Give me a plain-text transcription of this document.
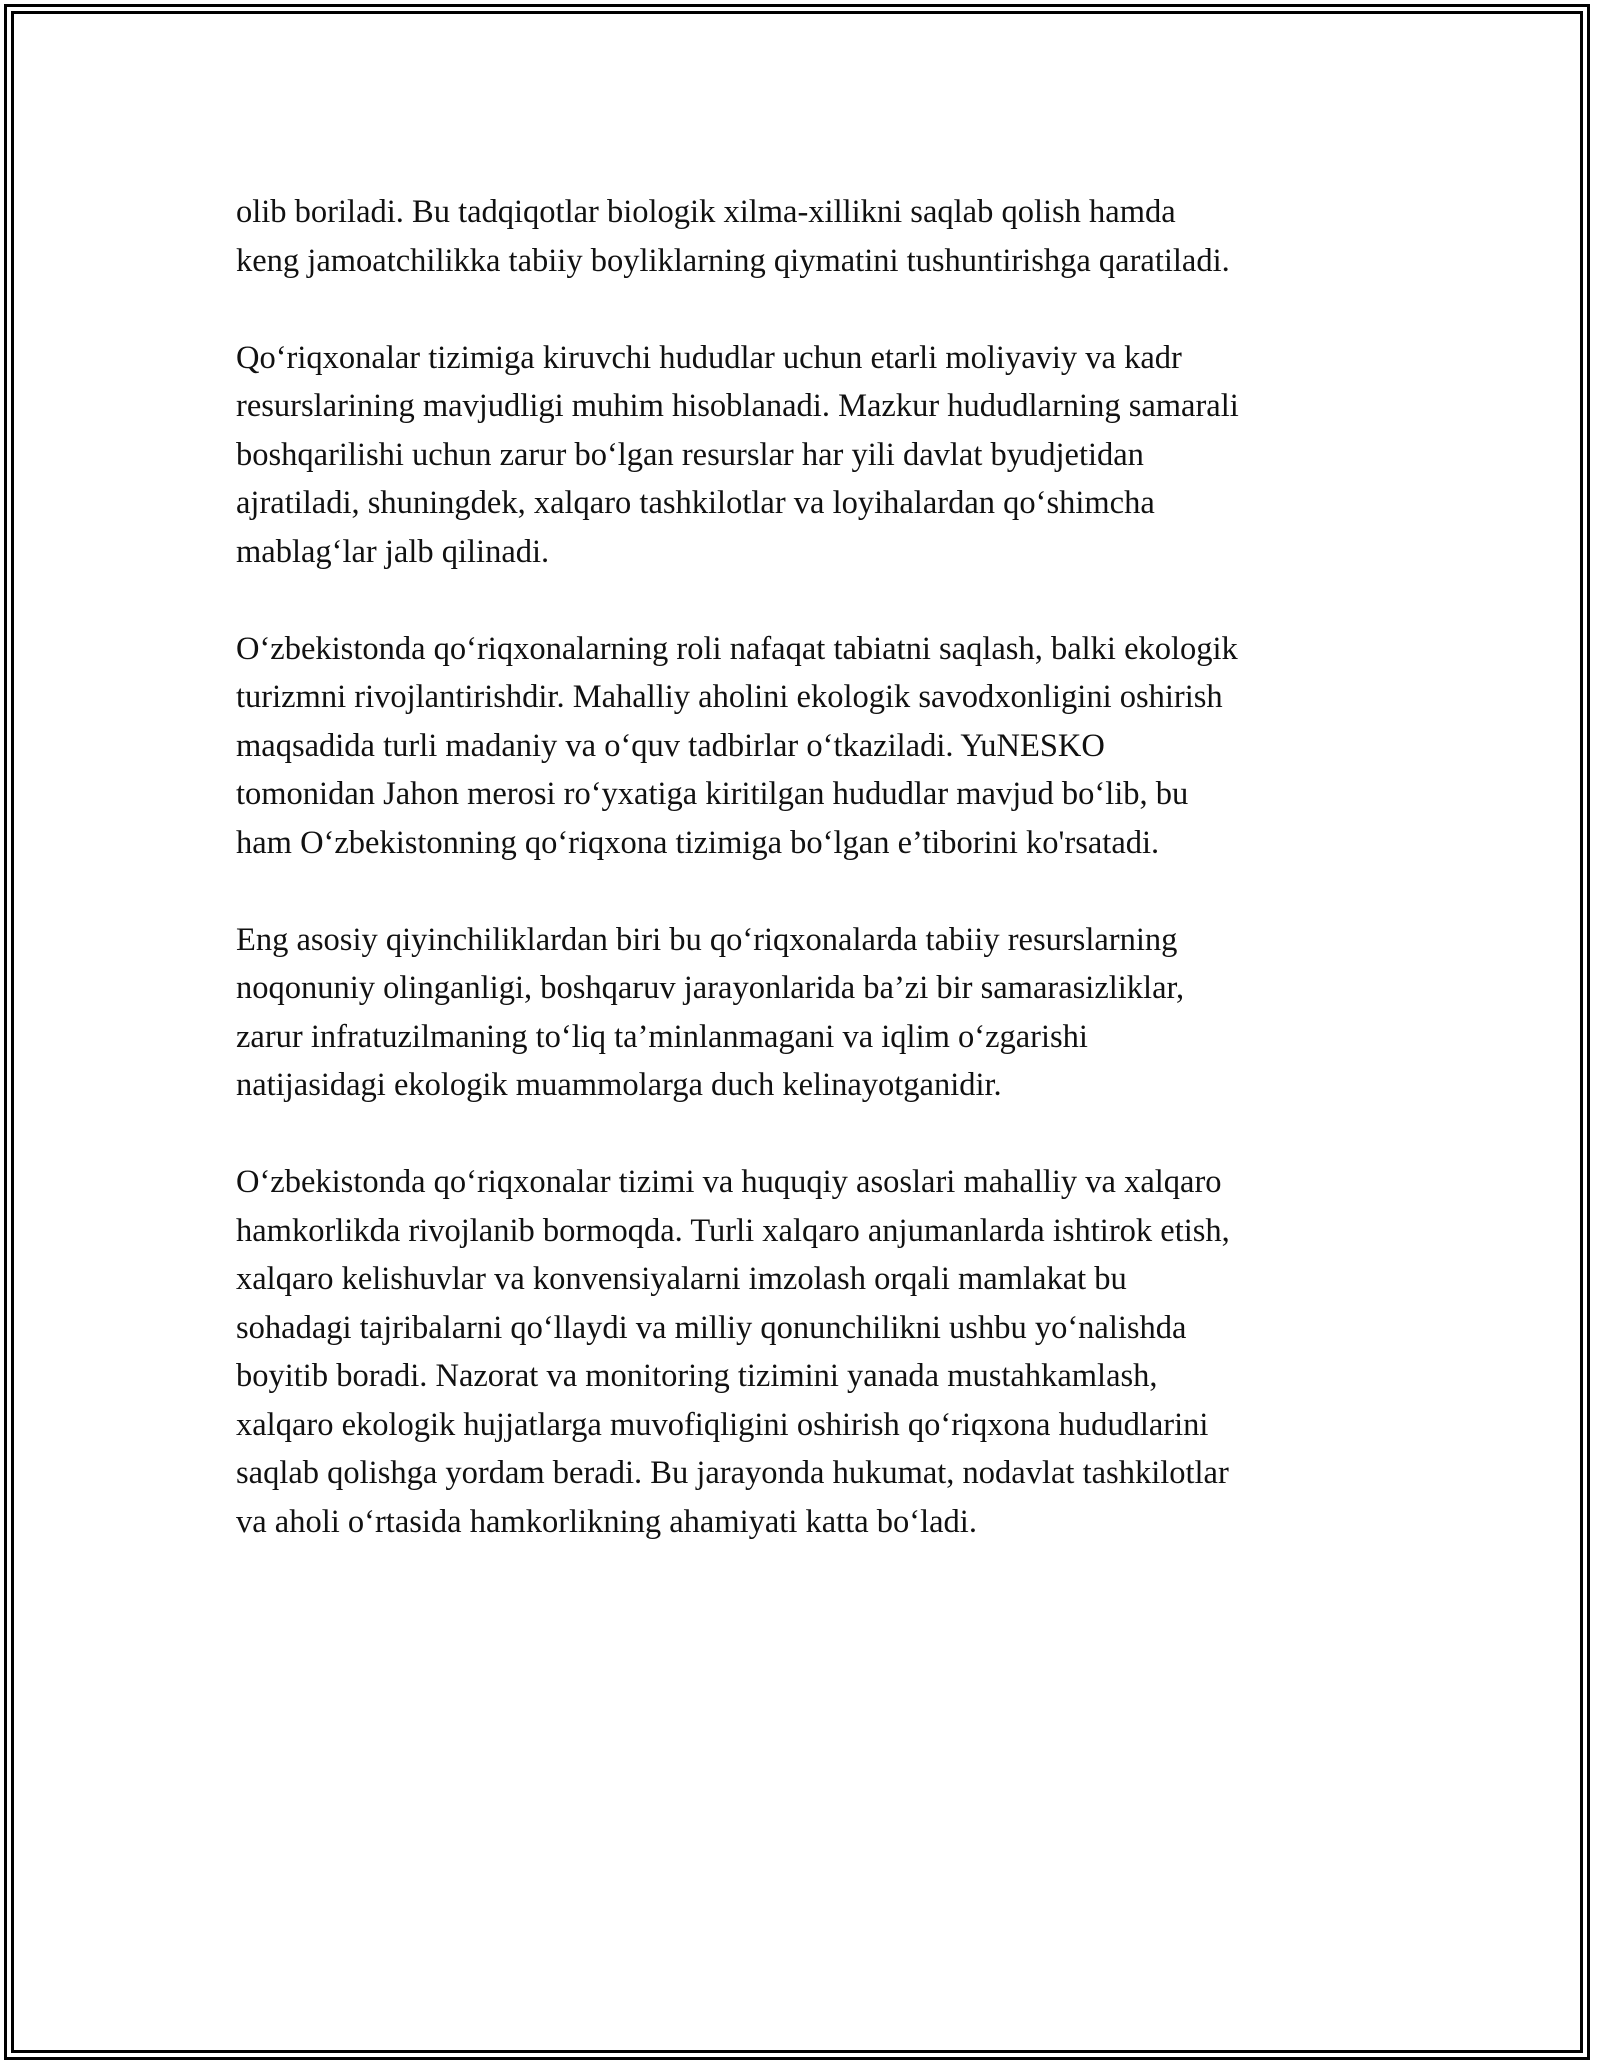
olib boriladi. Bu tadqiqotlar biologik xilma-xillikni saqlab qolish hamda
keng jamoatchilikka tabiiy boyliklarning qiymatini tushuntirishga qaratiladi.

Qo‘riqxonalar tizimiga kiruvchi hududlar uchun etarli moliyaviy va kadr
resurslarining mavjudligi muhim hisoblanadi. Mazkur hududlarning samarali
boshqarilishi uchun zarur bo‘lgan resurslar har yili davlat byudjetidan
ajratiladi, shuningdek, xalqaro tashkilotlar va loyihalardan qo‘shimcha
mablag‘lar jalb qilinadi.

O‘zbekistonda qo‘riqxonalarning roli nafaqat tabiatni saqlash, balki ekologik
turizmni rivojlantirishdir. Mahalliy aholini ekologik savodxonligini oshirish
maqsadida turli madaniy va o‘quv tadbirlar o‘tkaziladi. YuNESKO
tomonidan Jahon merosi ro‘yxatiga kiritilgan hududlar mavjud bo‘lib, bu
ham O‘zbekistonning qo‘riqxona tizimiga bo‘lgan e’tiborini ko'rsatadi.

Eng asosiy qiyinchiliklardan biri bu qo‘riqxonalarda tabiiy resurslarning
noqonuniy olinganligi, boshqaruv jarayonlarida ba’zi bir samarasizliklar,
zarur infratuzilmaning to‘liq ta’minlanmagani va iqlim o‘zgarishi
natijasidagi ekologik muammolarga duch kelinayotganidir.

O‘zbekistonda qo‘riqxonalar tizimi va huquqiy asoslari mahalliy va xalqaro
hamkorlikda rivojlanib bormoqda. Turli xalqaro anjumanlarda ishtirok etish,
xalqaro kelishuvlar va konvensiyalarni imzolash orqali mamlakat bu
sohadagi tajribalarni qo‘llaydi va milliy qonunchilikni ushbu yo‘nalishda
boyitib boradi. Nazorat va monitoring tizimini yanada mustahkamlash,
xalqaro ekologik hujjatlarga muvofiqligini oshirish qo‘riqxona hududlarini
saqlab qolishga yordam beradi. Bu jarayonda hukumat, nodavlat tashkilotlar
va aholi o‘rtasida hamkorlikning ahamiyati katta bo‘ladi.
